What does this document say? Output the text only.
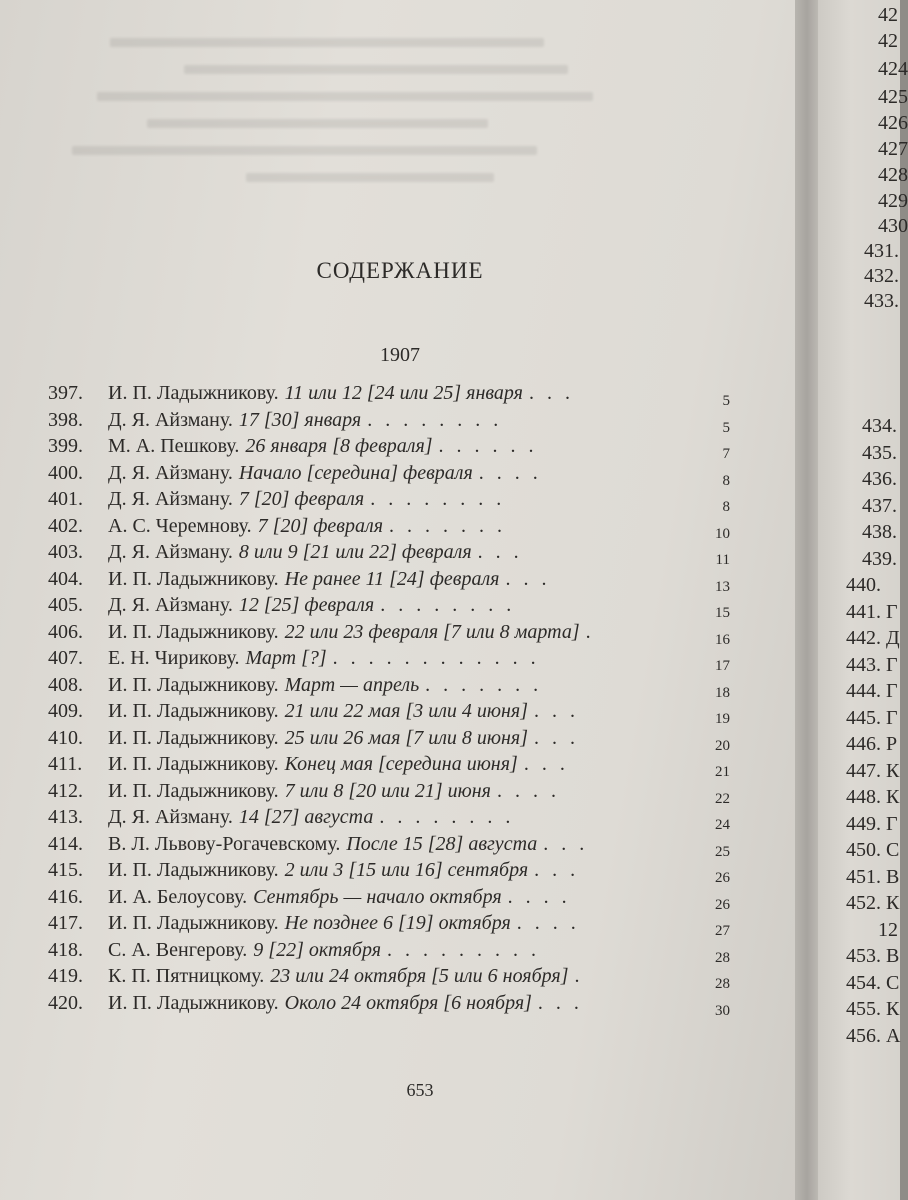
СОДЕРЖАНИЕ
1907
397. И. П. Ладыжникову. 11 или 12 [24 или 25] января . . .	5
398. Д. Я. Айзману. 17 [30] января . . . . . . . .	5
399. М. А. Пешкову. 26 января [8 февраля] . . . . . .	7
400. Д. Я. Айзману. Начало [середина] февраля . . . .	8
401. Д. Я. Айзману. 7 [20] февраля . . . . . . . .	8
402. А. С. Черемнову. 7 [20] февраля . . . . . . .	10
403. Д. Я. Айзману. 8 или 9 [21 или 22] февраля . . .	11
404. И. П. Ладыжникову. Не ранее 11 [24] февраля . . .	13
405. Д. Я. Айзману. 12 [25] февраля . . . . . . . .	15
406. И. П. Ладыжникову. 22 или 23 февраля [7 или 8 марта] .	16
407. Е. Н. Чирикову. Март [?] . . . . . . . . . . . .	17
408. И. П. Ладыжникову. Март — апрель . . . . . . .	18
409. И. П. Ладыжникову. 21 или 22 мая [3 или 4 июня] . . .	19
410. И. П. Ладыжникову. 25 или 26 мая [7 или 8 июня] . . .	20
411. И. П. Ладыжникову. Конец мая [середина июня] . . .	21
412. И. П. Ладыжникову. 7 или 8 [20 или 21] июня . . . .	22
413. Д. Я. Айзману. 14 [27] августа . . . . . . . .	24
414. В. Л. Львову-Рогачевскому. После 15 [28] августа . . .	25
415. И. П. Ладыжникову. 2 или 3 [15 или 16] сентября . . .	26
416. И. А. Белоусову. Сентябрь — начало октября . . . .	26
417. И. П. Ладыжникову. Не позднее 6 [19] октября . . . .	27
418. С. А. Венгерову. 9 [22] октября . . . . . . . . .	28
419. К. П. Пятницкому. 23 или 24 октября [5 или 6 ноября] .	28
420. И. П. Ладыжникову. Около 24 октября [6 ноября] . . .	30
653
42
42
424
425
426
427
428
429
430
431.
432.
433.
434.
435.
436.
437.
438.
439.
440.
441. Г
442. Д
443. Г
444. Г
445. Г
446. Р
447. К
448. К
449. Г
450. С
451. В
452. К
12
453. В
454. С
455. К
456. А
